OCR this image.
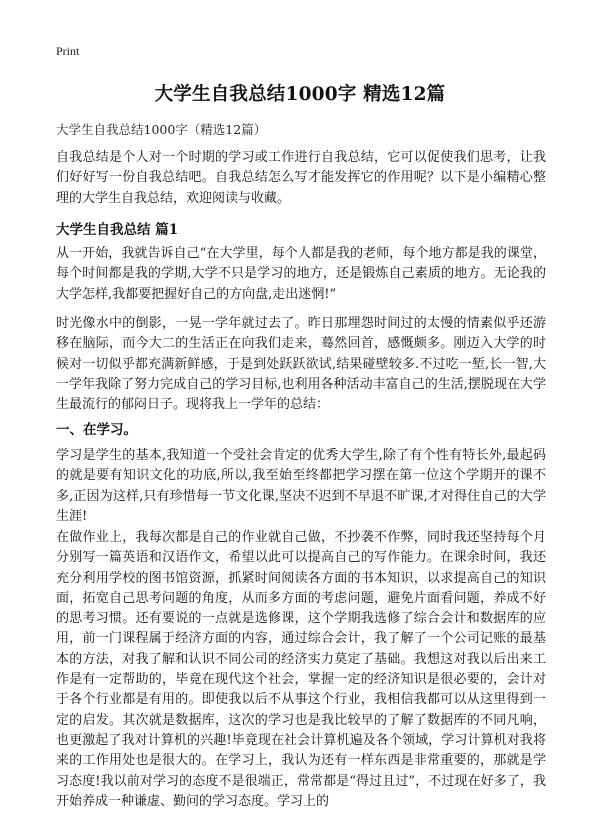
Print
大学生自我总结1000字 精选12篇
大学生自我总结1000字（精选12篇）

自我总结是个人对一个时期的学习或工作进行自我总结，它可以促使我们思考，让我们好好写一份自我总结吧。自我总结怎么写才能发挥它的作用呢？以下是小编精心整理的大学生自我总结，欢迎阅读与收藏。

大学生自我总结 篇1

从一开始，我就告诉自己“在大学里，每个人都是我的老师，每个地方都是我的课堂，每个时间都是我的学期,大学不只是学习的地方，还是锻炼自己素质的地方。无论我的大学怎样,我都要把握好自己的方向盘,走出迷惘!”

时光像水中的倒影，一晃一学年就过去了。昨日那埋怨时间过的太慢的情素似乎还游移在脑际，而今大二的生活正在向我们走来，蓦然回首，感慨颇多。刚迈入大学的时候对一切似乎都充满新鲜感，于是到处跃跃欲试,结果碰壁较多.不过吃一堑,长一智,大一学年我除了努力完成自己的学习目标,也利用各种活动丰富自己的生活,摆脱现在大学生最流行的郁闷日子。现将我上一学年的总结：

一、在学习。

学习是学生的基本,我知道一个受社会肯定的优秀大学生,除了有个性有特长外,最起码的就是要有知识文化的功底,所以,我至始至终都把学习摆在第一位这个学期开的课不多,正因为这样,只有珍惜每一节文化课,坚决不迟到不早退不旷课,才对得住自己的大学生涯!

在做作业上，我每次都是自己的作业就自己做，不抄袭不作弊，同时我还坚持每个月分别写一篇英语和汉语作文，希望以此可以提高自己的写作能力。在课余时间，我还充分利用学校的图书馆资源，抓紧时间阅读各方面的书本知识，以求提高自己的知识面，拓宽自己思考问题的角度，从而多方面的考虑问题，避免片面看问题，养成不好的思考习惯。还有要说的一点就是选修课，这个学期我选修了综合会计和数据库的应用，前一门课程属于经济方面的内容，通过综合会计，我了解了一个公司记账的最基本的方法，对我了解和认识不同公司的经济实力莫定了基础。我想这对我以后出来工作是有一定帮助的，毕竟在现代这个社会，掌握一定的经济知识是很必要的，会计对于各个行业都是有用的。即使我以后不从事这个行业，我相信我都可以从这里得到一定的启发。其次就是数据库，这次的学习也是我比较早的了解了数据库的不同凡响，也更激起了我对计算机的兴趣!毕竟现在社会计算机遍及各个领域，学习计算机对我将来的工作用处也是很大的。在学习上，我认为还有一样东西是非常重要的，那就是学习态度!我以前对学习的态度不是很端正，常常都是“得过且过”，不过现在好多了，我开始养成一种谦虚、勤问的学习态度。学习上的
